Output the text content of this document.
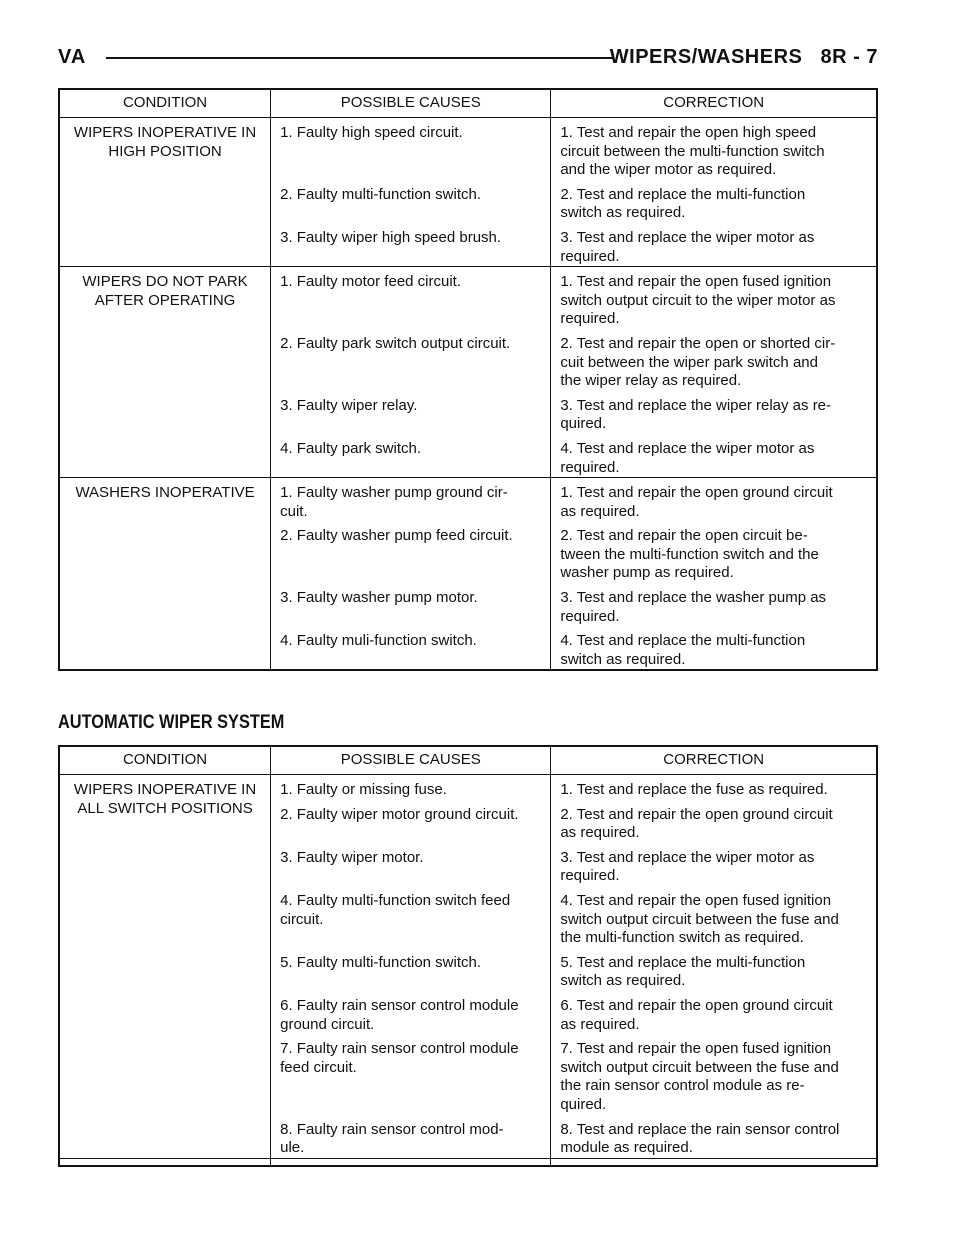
VA	WIPERS/WASHERS   8R - 7
CONDITION	POSSIBLE CAUSES	CORRECTION

WIPERS INOPERATIVE IN
HIGH POSITION	1. Faulty high speed circuit.	1. Test and repair the open high speed
circuit between the multi-function switch
and the wiper motor as required.

	2. Faulty multi-function switch.	2. Test and replace the multi-function
switch as required.

	3. Faulty wiper high speed brush.	3. Test and replace the wiper motor as
required.

WIPERS DO NOT PARK
AFTER OPERATING	1. Faulty motor feed circuit.	1. Test and repair the open fused ignition
switch output circuit to the wiper motor as
required.

	2. Faulty park switch output circuit.	2. Test and repair the open or shorted cir-
cuit between the wiper park switch and
the wiper relay as required.

	3. Faulty wiper relay.	3. Test and replace the wiper relay as re-
quired.

	4. Faulty park switch.	4. Test and replace the wiper motor as
required.

WASHERS INOPERATIVE	1. Faulty washer pump ground cir-
cuit.	1. Test and repair the open ground circuit
as required.

	2. Faulty washer pump feed circuit.	2. Test and repair the open circuit be-
tween the multi-function switch and the
washer pump as required.

	3. Faulty washer pump motor.	3. Test and replace the washer pump as
required.

	4. Faulty muli-function switch.	4. Test and replace the multi-function
switch as required.
AUTOMATIC WIPER SYSTEM
CONDITION	POSSIBLE CAUSES	CORRECTION

WIPERS INOPERATIVE IN
ALL SWITCH POSITIONS	1. Faulty or missing fuse.	1. Test and replace the fuse as required.

	2. Faulty wiper motor ground circuit.	2. Test and repair the open ground circuit
as required.

	3. Faulty wiper motor.	3. Test and replace the wiper motor as
required.

	4. Faulty multi-function switch feed
circuit.	4. Test and repair the open fused ignition
switch output circuit between the fuse and
the multi-function switch as required.

	5. Faulty multi-function switch.	5. Test and replace the multi-function
switch as required.

	6. Faulty rain sensor control module
ground circuit.	6. Test and repair the open ground circuit
as required.

	7. Faulty rain sensor control module
feed circuit.	7. Test and repair the open fused ignition
switch output circuit between the fuse and
the rain sensor control module as re-
quired.

	8. Faulty rain sensor control mod-
ule.	8. Test and replace the rain sensor control
module as required.
